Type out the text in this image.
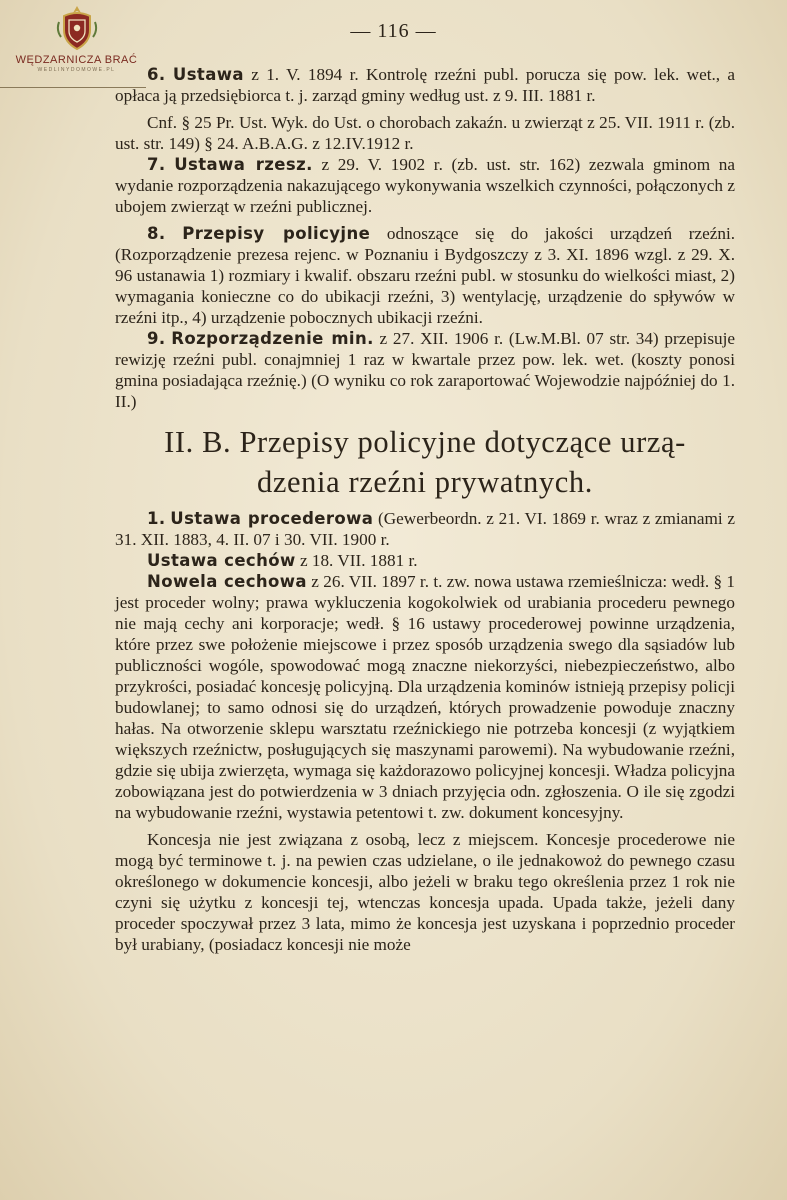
WĘDZARNICZA BRAĆ
WEDLINYDOMOWE.PL
— 116 —

6. Ustawa z 1. V. 1894 r. Kontrolę rzeźni publ. porucza się pow. lek. wet., a opłaca ją przedsiębiorca t. j. zarząd gminy według ust. z 9. III. 1881 r.

Cnf. § 25 Pr. Ust. Wyk. do Ust. o chorobach zakaźn. u zwierząt z 25. VII. 1911 r. (zb. ust. str. 149) § 24. A.B.A.G. z 12.IV.1912 r.

7. Ustawa rzesz. z 29. V. 1902 r. (zb. ust. str. 162) zezwala gminom na wydanie rozporządzenia nakazującego wykonywania wszelkich czynności, połączonych z ubojem zwierząt w rzeźni publicznej.

8. Przepisy policyjne odnoszące się do jakości urządzeń rzeźni. (Rozporządzenie prezesa rejenc. w Poznaniu i Bydgoszczy z 3. XI. 1896 wzgl. z 29. X. 96 ustanawia 1) rozmiary i kwalif. obszaru rzeźni publ. w stosunku do wielkości miast, 2) wymagania konieczne co do ubikacji rzeźni, 3) wentylację, urządzenie do spływów w rzeźni itp., 4) urządzenie pobocznych ubikacji rzeźni.

9. Rozporządzenie min. z 27. XII. 1906 r. (Lw.M.Bl. 07 str. 34) przepisuje rewizję rzeźni publ. conajmniej 1 raz w kwartale przez pow. lek. wet. (koszty ponosi gmina posiadająca rzeźnię.) (O wyniku co rok zaraportować Wojewodzie najpóźniej do 1. II.)

II. B. Przepisy policyjne dotyczące urzą-
dzenia rzeźni prywatnych.

1. Ustawa procederowa (Gewerbeordn. z 21. VI. 1869 r. wraz z zmianami z 31. XII. 1883, 4. II. 07 i 30. VII. 1900 r.

Ustawa cechów z 18. VII. 1881 r.

Nowela cechowa z 26. VII. 1897 r. t. zw. nowa ustawa rzemieślnicza: wedł. § 1 jest proceder wolny; prawa wykluczenia kogokolwiek od urabiania procederu pewnego nie mają cechy ani korporacje; wedł. § 16 ustawy procederowej powinne urządzenia, które przez swe położenie miejscowe i przez sposób urządzenia swego dla sąsiadów lub publiczności wogóle, spowodować mogą znaczne niekorzyści, niebezpieczeństwo, albo przykrości, posiadać koncesję policyjną. Dla urządzenia kominów istnieją przepisy policji budowlanej; to samo odnosi się do urządzeń, których prowadzenie powoduje znaczny hałas. Na otworzenie sklepu warsztatu rzeźnickiego nie potrzeba koncesji (z wyjątkiem większych rzeźnictw, posługujących się maszynami parowemi). Na wybudowanie rzeźni, gdzie się ubija zwierzęta, wymaga się każdorazowo policyjnej koncesji. Władza policyjna zobowiązana jest do potwierdzenia w 3 dniach przyjęcia odn. zgłoszenia. O ile się zgodzi na wybudowanie rzeźni, wystawia petentowi t. zw. dokument koncesyjny.

Koncesja nie jest związana z osobą, lecz z miejscem. Koncesje procederowe nie mogą być terminowe t. j. na pewien czas udzielane, o ile jednakowoż do pewnego czasu określonego w dokumencie koncesji, albo jeżeli w braku tego określenia przez 1 rok nie czyni się użytku z koncesji tej, wtenczas koncesja upada. Upada także, jeżeli dany proceder spoczywał przez 3 lata, mimo że koncesja jest uzyskana i poprzednio proceder był urabiany, (posiadacz koncesji nie może
